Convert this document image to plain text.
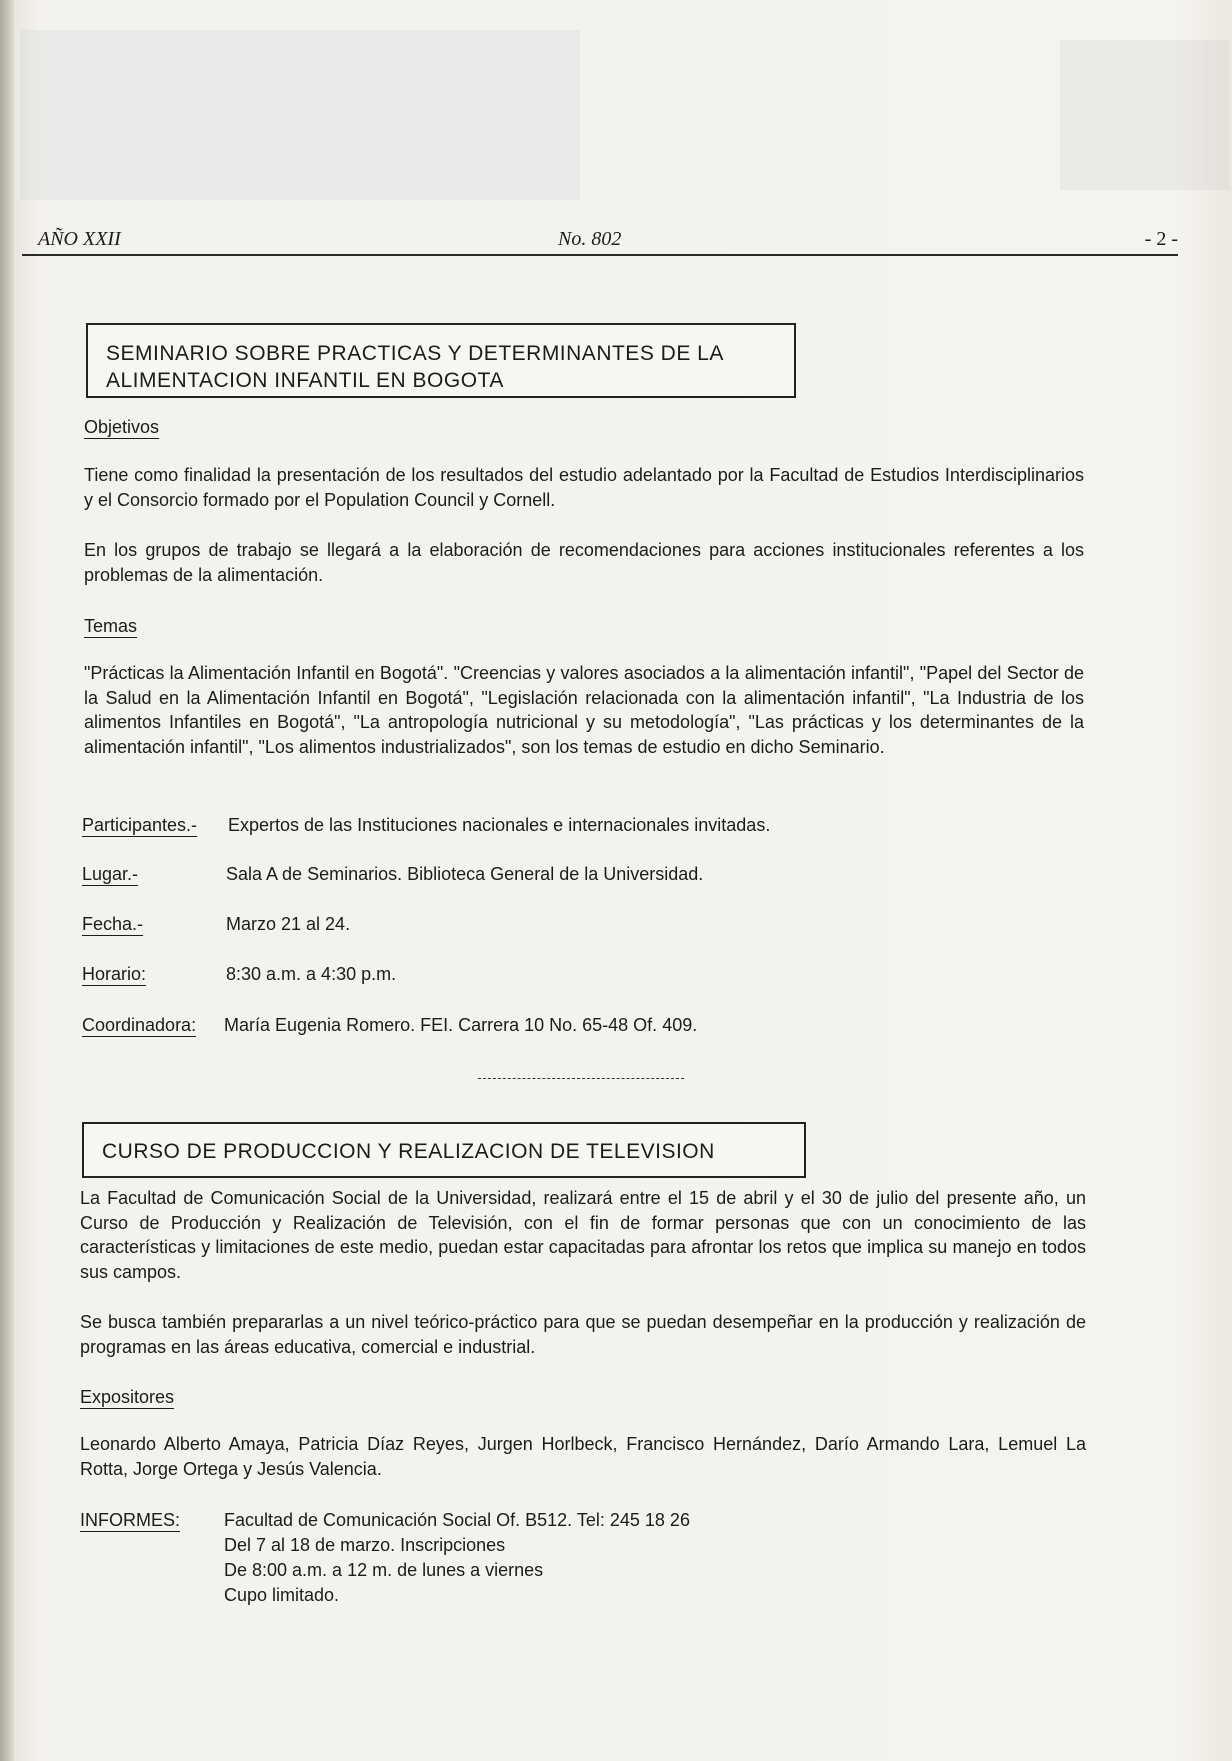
AÑO XXII	No. 802	- 2 -
SEMINARIO SOBRE PRACTICAS Y DETERMINANTES DE LA ALIMENTACION INFANTIL EN BOGOTA
Objetivos
Tiene como finalidad la presentación de los resultados del estudio adelantado por la Facultad de Estudios Interdisciplinarios y el Consorcio formado por el Population Council y Cornell.
En los grupos de trabajo se llegará a la elaboración de recomendaciones para acciones institucionales referentes a los problemas de la alimentación.
Temas
"Prácticas la Alimentación Infantil en Bogotá". "Creencias y valores asociados a la alimentación infantil", "Papel del Sector de la Salud en la Alimentación Infantil en Bogotá", "Legislación relacionada con la alimentación infantil", "La Industria de los alimentos Infantiles en Bogotá", "La antropología nutricional y su metodología", "Las prácticas y los determinantes de la alimentación infantil", "Los alimentos industrializados", son los temas de estudio en dicho Seminario.
Participantes.- Expertos de las Instituciones nacionales e internacionales invitadas.
Lugar.-	Sala A de Seminarios. Biblioteca General de la Universidad.
Fecha.-	Marzo 21 al 24.
Horario:	8:30 a.m. a 4:30 p.m.
Coordinadora: María Eugenia Romero. FEI. Carrera 10 No. 65-48 Of. 409.
CURSO DE PRODUCCION Y REALIZACION DE TELEVISION
La Facultad de Comunicación Social de la Universidad, realizará entre el 15 de abril y el 30 de julio del presente año, un Curso de Producción y Realización de Televisión, con el fin de formar personas que con un conocimiento de las características y limitaciones de este medio, puedan estar capacitadas para afrontar los retos que implica su manejo en todos sus campos.
Se busca también prepararlas a un nivel teórico-práctico para que se puedan desempeñar en la producción y realización de programas en las áreas educativa, comercial e industrial.
Expositores
Leonardo Alberto Amaya, Patricia Díaz Reyes, Jurgen Horlbeck, Francisco Hernández, Darío Armando Lara, Lemuel La Rotta, Jorge Ortega y Jesús Valencia.
INFORMES: Facultad de Comunicación Social Of. B512. Tel: 245 18 26
Del 7 al 18 de marzo. Inscripciones
De 8:00 a.m. a 12 m. de lunes a viernes
Cupo limitado.
